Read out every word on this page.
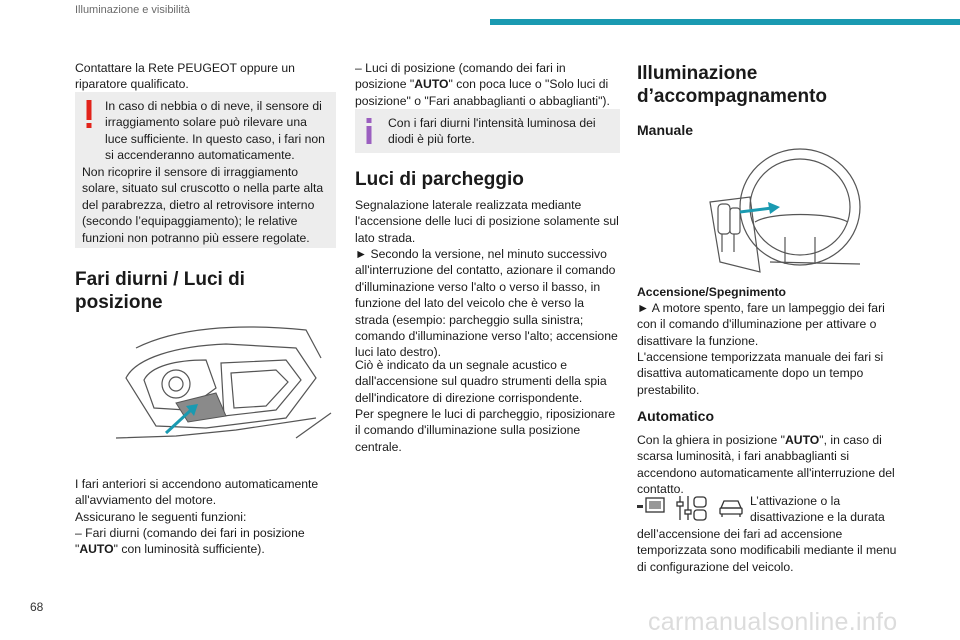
Illuminazione e visibilità

Contattare la Rete PEUGEOT oppure un riparatore qualificato.

In caso di nebbia o di neve, il sensore di irraggiamento solare può rilevare una luce sufficiente. In questo caso, i fari non si accenderanno automaticamente.
Non ricoprire il sensore di irraggiamento solare, situato sul cruscotto o nella parte alta del parabrezza, dietro al retrovisore interno (secondo l’equipaggiamento); le relative funzioni non potranno più essere regolate.
Fari diurni / Luci di posizione

I fari anteriori si accendono automaticamente all'avviamento del motore.

Assicurano le seguenti funzioni:

– Fari diurni (comando dei fari in posizione "AUTO" con luminosità sufficiente).

– Luci di posizione (comando dei fari in posizione "AUTO" con poca luce o "Solo luci di posizione" o "Fari anabbaglianti o abbaglianti").

Con i fari diurni l'intensità luminosa dei diodi è più forte.
Luci di parcheggio

Segnalazione laterale realizzata mediante l'accensione delle luci di posizione solamente sul lato strada.

► Secondo la versione, nel minuto successivo all'interruzione del contatto, azionare il comando d'illuminazione verso l'alto o verso il basso, in funzione del lato del veicolo che è verso la strada (esempio: parcheggio sulla sinistra; comando d'illuminazione verso l'alto; accensione luci lato destro).

Ciò è indicato da un segnale acustico e dall'accensione sul quadro strumenti della spia dell'indicatore di direzione corrispondente.

Per spegnere le luci di parcheggio, riposizionare il comando d'illuminazione sulla posizione centrale.

Illuminazione d’accompagnamento
Manuale

Accensione/Spegnimento

► A motore spento, fare un lampeggio dei fari con il comando d'illuminazione per attivare o disattivare la funzione.

L'accensione temporizzata manuale dei fari si disattiva automaticamente dopo un tempo prestabilito.

Automatico

Con la ghiera in posizione "AUTO", in caso di scarsa luminosità, i fari anabbaglianti si accendono automaticamente all'interruzione del contatto.

L’attivazione o la disattivazione e la durata

dell’accensione dei fari ad accensione temporizzata sono modificabili mediante il menu di configurazione del veicolo.

68
carmanualsonline.info
